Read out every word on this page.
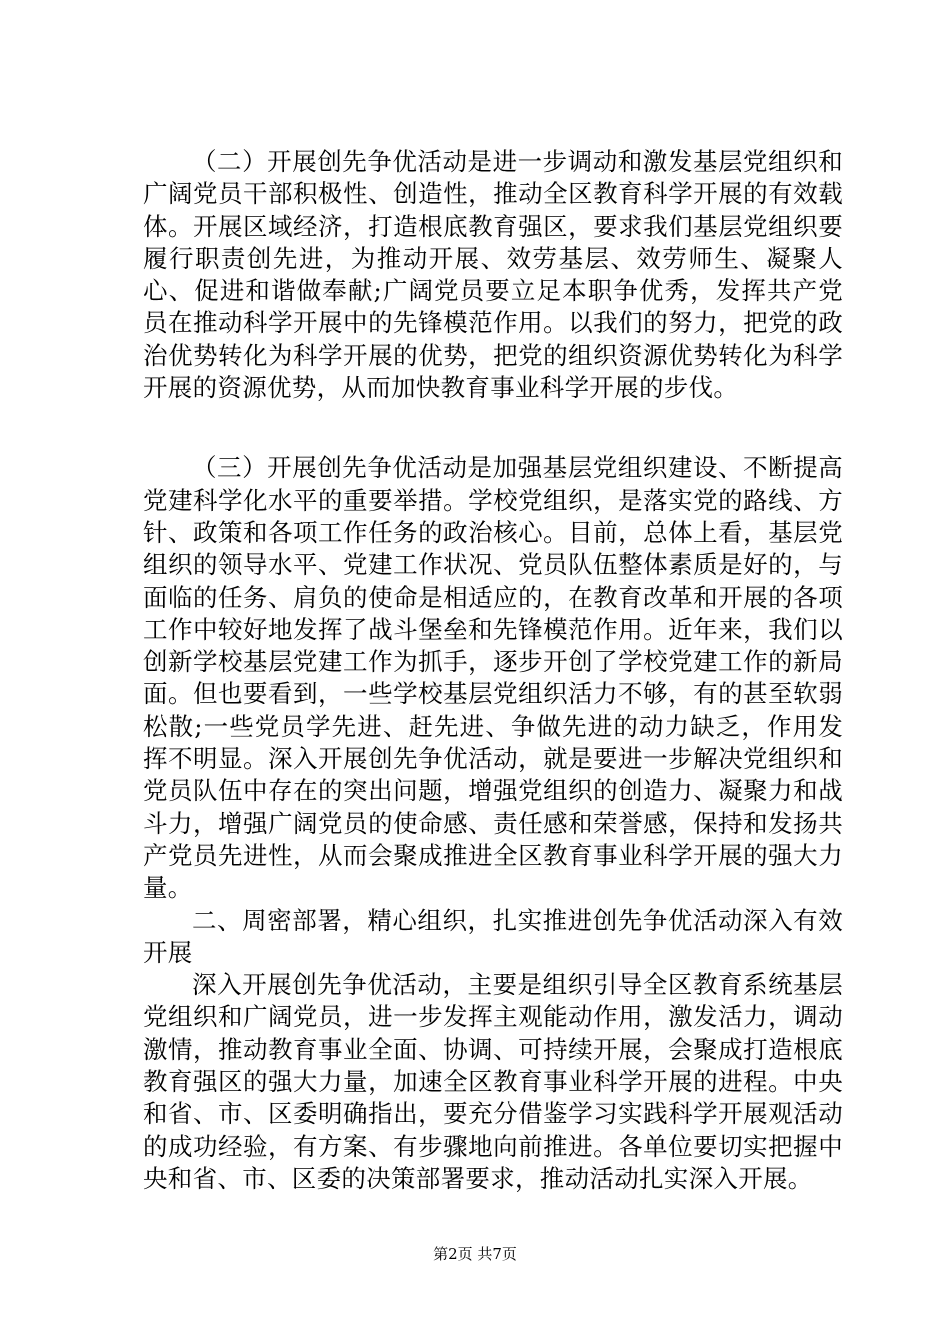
（二）开展创先争优活动是进一步调动和激发基层党组织和广阔党员干部积极性、创造性，推动全区教育科学开展的有效载体。开展区域经济，打造根底教育强区，要求我们基层党组织要履行职责创先进，为推动开展、效劳基层、效劳师生、凝聚人心、促进和谐做奉献;广阔党员要立足本职争优秀，发挥共产党员在推动科学开展中的先锋模范作用。以我们的努力，把党的政治优势转化为科学开展的优势，把党的组织资源优势转化为科学开展的资源优势，从而加快教育事业科学开展的步伐。

（三）开展创先争优活动是加强基层党组织建设、不断提高党建科学化水平的重要举措。学校党组织，是落实党的路线、方针、政策和各项工作任务的政治核心。目前，总体上看，基层党组织的领导水平、党建工作状况、党员队伍整体素质是好的，与面临的任务、肩负的使命是相适应的，在教育改革和开展的各项工作中较好地发挥了战斗堡垒和先锋模范作用。近年来，我们以创新学校基层党建工作为抓手，逐步开创了学校党建工作的新局面。但也要看到，一些学校基层党组织活力不够，有的甚至软弱松散;一些党员学先进、赶先进、争做先进的动力缺乏，作用发挥不明显。深入开展创先争优活动，就是要进一步解决党组织和党员队伍中存在的突出问题，增强党组织的创造力、凝聚力和战斗力，增强广阔党员的使命感、责任感和荣誉感，保持和发扬共产党员先进性，从而会聚成推进全区教育事业科学开展的强大力量。

二、周密部署，精心组织，扎实推进创先争优活动深入有效开展

深入开展创先争优活动，主要是组织引导全区教育系统基层党组织和广阔党员，进一步发挥主观能动作用，激发活力，调动激情，推动教育事业全面、协调、可持续开展，会聚成打造根底教育强区的强大力量，加速全区教育事业科学开展的进程。中央和省、市、区委明确指出，要充分借鉴学习实践科学开展观活动的成功经验，有方案、有步骤地向前推进。各单位要切实把握中央和省、市、区委的决策部署要求，推动活动扎实深入开展。

第2页 共7页
